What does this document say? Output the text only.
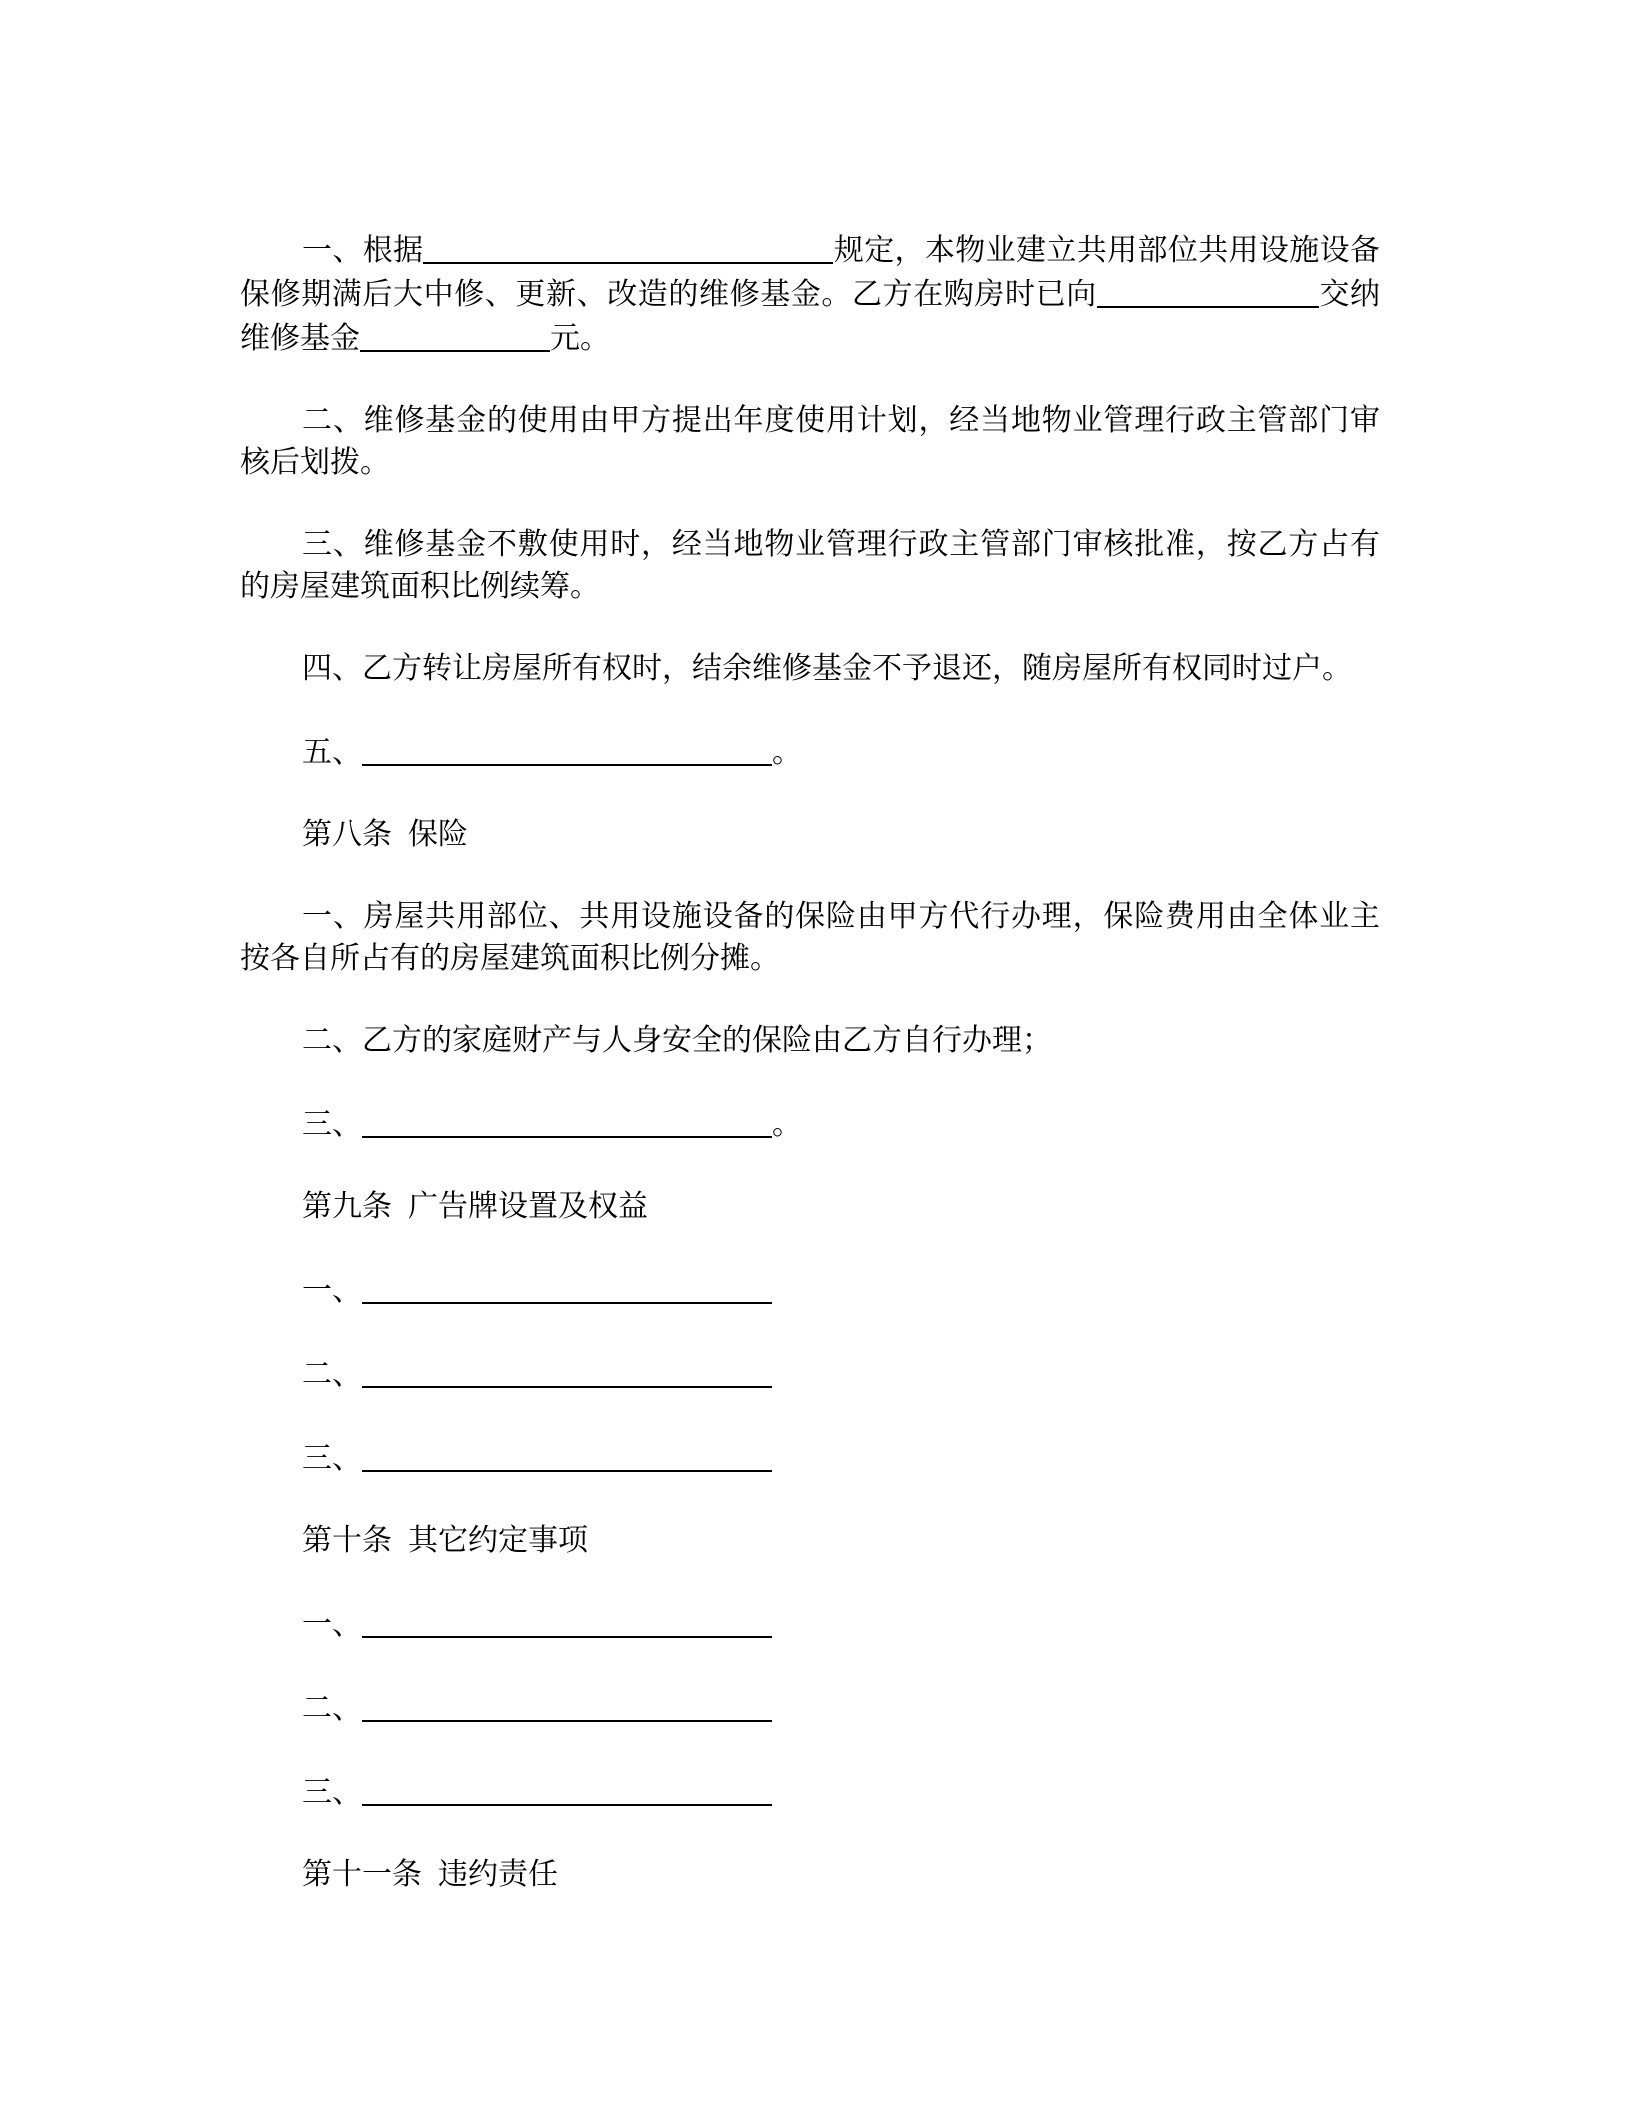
一、根据	规定，本物业建立共用部位共用设施设备保修期满后大中修、更新、改造的维修基金。乙方在购房时已向	交纳维修基金	元。

二、维修基金的使用由甲方提出年度使用计划，经当地物业管理行政主管部门审核后划拨。

三、维修基金不敷使用时，经当地物业管理行政主管部门审核批准，按乙方占有的房屋建筑面积比例续筹。

四、乙方转让房屋所有权时，结余维修基金不予退还，随房屋所有权同时过户。

五、	。

第八条 保险

一、房屋共用部位、共用设施设备的保险由甲方代行办理，保险费用由全体业主按各自所占有的房屋建筑面积比例分摊。

二、乙方的家庭财产与人身安全的保险由乙方自行办理；

三、	。

第九条 广告牌设置及权益

一、

二、

三、

第十条 其它约定事项

一、

二、

三、

第十一条 违约责任
